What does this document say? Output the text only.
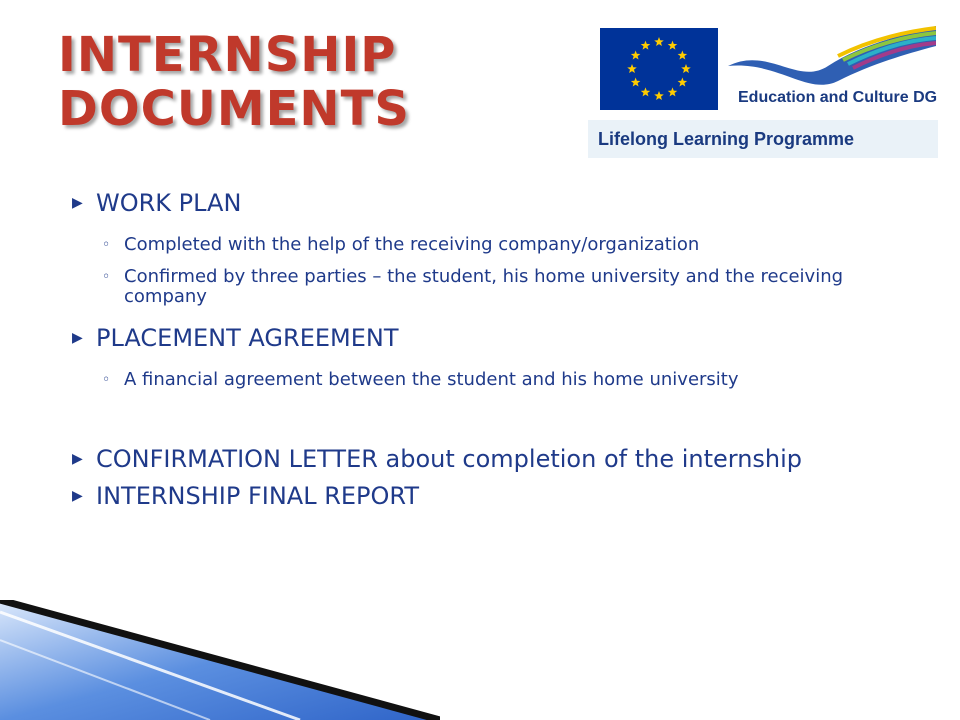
INTERNSHIP
DOCUMENTS	Education and Culture DG
Lifelong Learning Programme
▶ WORK PLAN
◦ Completed with the help of the receiving company/organization
◦ Confirmed by three parties – the student, his home university and the receiving company
▶ PLACEMENT AGREEMENT
◦ A financial agreement between the student and his home university
▶ CONFIRMATION LETTER about completion of the internship
▶ INTERNSHIP FINAL REPORT
